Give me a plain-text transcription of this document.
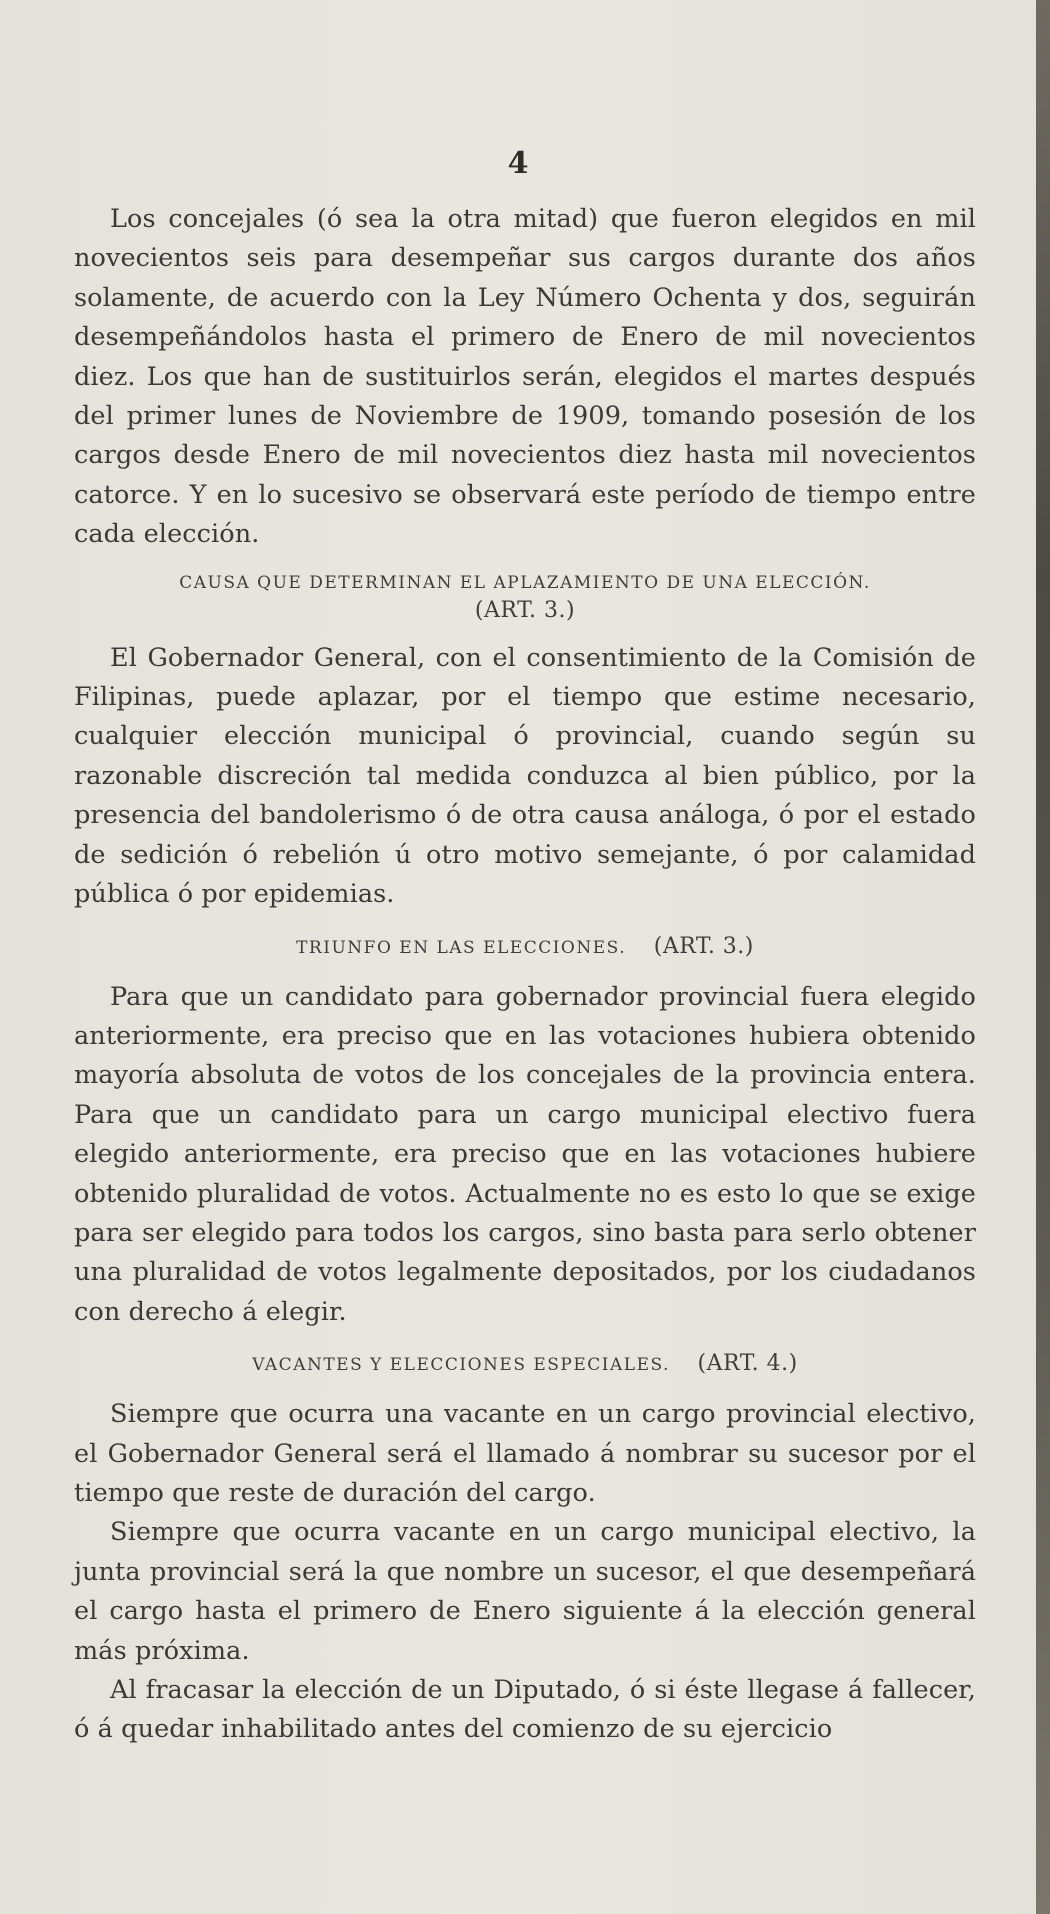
4

Los concejales (ó sea la otra mitad) que fueron elegidos en mil novecientos seis para desempeñar sus cargos durante dos años solamente, de acuerdo con la Ley Número Ochenta y dos, seguirán desempeñándolos hasta el primero de Enero de mil novecientos diez. Los que han de sustituirlos serán, elegidos el martes después del primer lunes de Noviembre de 1909, tomando posesión de los cargos desde Enero de mil novecientos diez hasta mil novecientos catorce. Y en lo sucesivo se observará este período de tiempo entre cada elección.

CAUSA QUE DETERMINAN EL APLAZAMIENTO DE UNA ELECCIÓN.
(ART. 3.)

El Gobernador General, con el consentimiento de la Comisión de Filipinas, puede aplazar, por el tiempo que estime necesario, cualquier elección municipal ó provincial, cuando según su razonable discreción tal medida conduzca al bien público, por la presencia del bandolerismo ó de otra causa análoga, ó por el estado de sedición ó rebelión ú otro motivo semejante, ó por calamidad pública ó por epidemias.

TRIUNFO EN LAS ELECCIONES. (ART. 3.)

Para que un candidato para gobernador provincial fuera elegido anteriormente, era preciso que en las votaciones hubiera obtenido mayoría absoluta de votos de los concejales de la provincia entera. Para que un candidato para un cargo municipal electivo fuera elegido anteriormente, era preciso que en las votaciones hubiere obtenido pluralidad de votos. Actualmente no es esto lo que se exige para ser elegido para todos los cargos, sino basta para serlo obtener una pluralidad de votos legalmente depositados, por los ciudadanos con derecho á elegir.

VACANTES Y ELECCIONES ESPECIALES. (ART. 4.)

Siempre que ocurra una vacante en un cargo provincial electivo, el Gobernador General será el llamado á nombrar su sucesor por el tiempo que reste de duración del cargo.

Siempre que ocurra vacante en un cargo municipal electivo, la junta provincial será la que nombre un sucesor, el que desempeñará el cargo hasta el primero de Enero siguiente á la elección general más próxima.

Al fracasar la elección de un Diputado, ó si éste llegase á fallecer, ó á quedar inhabilitado antes del comienzo de su ejercicio
